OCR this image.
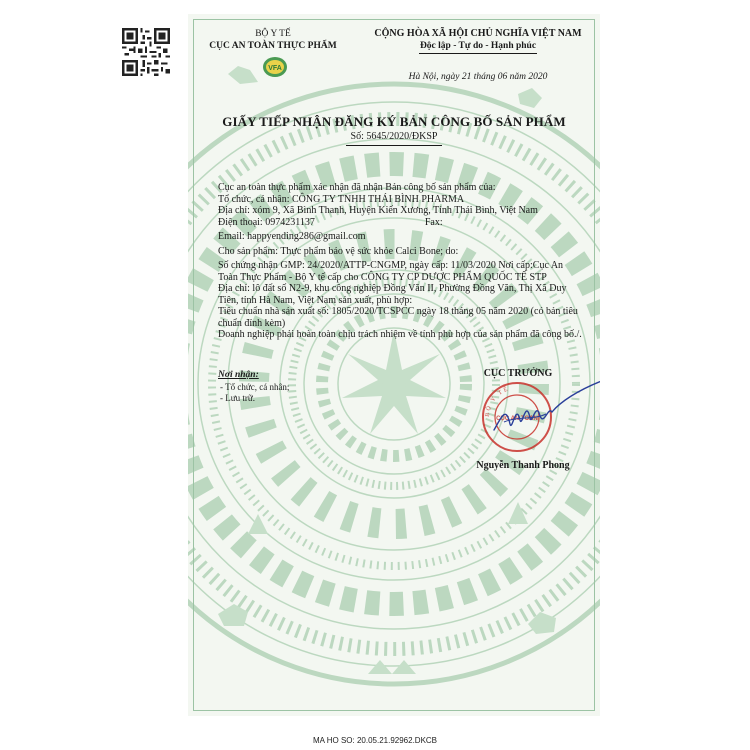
BỘ Y TẾ
CỤC AN TOÀN THỰC PHẨM
VFA
CỘNG HÒA XÃ HỘI CHỦ NGHĨA VIỆT NAM
Độc lập - Tự do - Hạnh phúc
Hà Nội, ngày 21 tháng 06 năm 2020
GIẤY TIẾP NHẬN ĐĂNG KÝ BẢN CÔNG BỐ SẢN PHẨM
Số: 5645/2020/ĐKSP
Cục an toàn thực phẩm xác nhận đã nhận Bản công bố sản phẩm của:
Tổ chức, cá nhân: CÔNG TY TNHH THÁI BÌNH PHARMA
Địa chỉ: xóm 9, Xã Bình Thanh, Huyện Kiến Xương, Tỉnh Thái Bình, Việt Nam
Điện thoại: 0974231137	Fax:
Email: happyending286@gmail.com
Cho sản phẩm: Thực phẩm bảo vệ sức khỏe Calci Bone; do:
Số chứng nhận GMP: 24/2020/ATTP-CNGMP, ngày cấp: 11/03/2020 Nơi cấp:Cục An
Toàn Thực Phẩm - Bộ Y tế cấp cho CÔNG TY CP DƯỢC PHẨM QUỐC TẾ STP
Địa chỉ: lô đất số N2-9, khu công nghiệp Đồng Văn II, Phường Đồng Văn, Thị Xã Duy
Tiên, tỉnh Hà Nam, Việt Nam sản xuất, phù hợp:
Tiêu chuẩn nhà sản xuất số: 1805/2020/TCSPCC ngày 18 tháng 05 năm 2020 (có bản tiêu
chuẩn đính kèm)
Doanh nghiệp phải hoàn toàn chịu trách nhiệm về tính phù hợp của sản phẩm đã công bố./.
Nơi nhận:
- Tổ chức, cá nhân;
- Lưu trữ.
CỤC TRƯỞNG
BỘ Y TẾ
CỤC AN TOÀN
Nguyễn Thanh Phong
MA HO SO: 20.05.21.92962.DKCB
